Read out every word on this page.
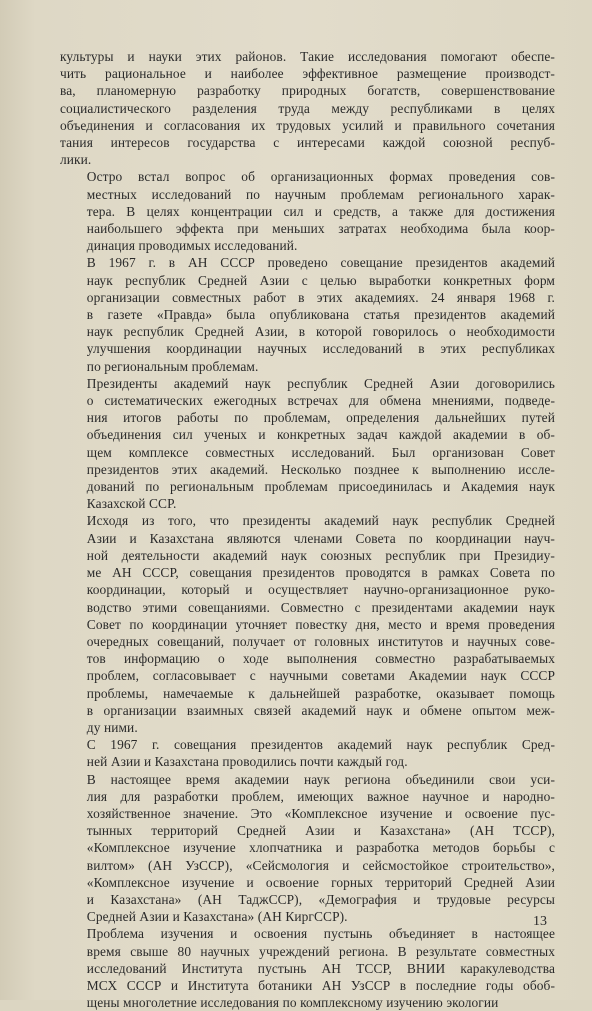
культуры и науки этих районов. Такие исследования помогают обеспе-
чить рациональное и наиболее эффективное размещение производст-
ва, планомерную разработку природных богатств, совершенствование
социалистического разделения труда между республиками в целях
объединения и согласования их трудовых усилий и правильного сочетания
тания интересов государства с интересами каждой союзной респуб-
лики.
Остро встал вопрос об организационных формах проведения сов-
местных исследований по научным проблемам регионального харак-
тера. В целях концентрации сил и средств, а также для достижения
наибольшего эффекта при меньших затратах необходима была коор-
динация проводимых исследований.
В 1967 г. в АН СССР проведено совещание президентов академий
наук республик Средней Азии с целью выработки конкретных форм
организации совместных работ в этих академиях. 24 января 1968 г.
в газете «Правда» была опубликована статья президентов академий
наук республик Средней Азии, в которой говорилось о необходимости
улучшения координации научных исследований в этих республиках
по региональным проблемам.
Президенты академий наук республик Средней Азии договорились
о систематических ежегодных встречах для обмена мнениями, подведе-
ния итогов работы по проблемам, определения дальнейших путей
объединения сил ученых и конкретных задач каждой академии в об-
щем комплексе совместных исследований. Был организован Совет
президентов этих академий. Несколько позднее к выполнению иссле-
дований по региональным проблемам присоединилась и Академия наук
Казахской ССР.
Исходя из того, что президенты академий наук республик Средней
Азии и Казахстана являются членами Совета по координации науч-
ной деятельности академий наук союзных республик при Президиу-
ме АН СССР, совещания президентов проводятся в рамках Совета по
координации, который и осуществляет научно-организационное руко-
водство этими совещаниями. Совместно с президентами академии наук
Совет по координации уточняет повестку дня, место и время проведения
очередных совещаний, получает от головных институтов и научных сове-
тов информацию о ходе выполнения совместно разрабатываемых
проблем, согласовывает с научными советами Академии наук СССР
проблемы, намечаемые к дальнейшей разработке, оказывает помощь
в организации взаимных связей академий наук и обмене опытом меж-
ду ними.
С 1967 г. совещания президентов академий наук республик Сред-
ней Азии и Казахстана проводились почти каждый год.
В настоящее время академии наук региона объединили свои уси-
лия для разработки проблем, имеющих важное научное и народно-
хозяйственное значение. Это «Комплексное изучение и освоение пус-
тынных территорий Средней Азии и Казахстана» (АН ТССР),
«Комплексное изучение хлопчатника и разработка методов борьбы с
вилтом» (АН УзССР), «Сейсмология и сейсмостойкое строительство»,
«Комплексное изучение и освоение горных территорий Средней Азии
и Казахстана» (АН ТаджССР), «Демография и трудовые ресурсы
Средней Азии и Казахстана» (АН КиргССР).
Проблема изучения и освоения пустынь объединяет в настоящее
время свыше 80 научных учреждений региона. В результате совместных
исследований Института пустынь АН ТССР, ВНИИ каракулеводства
МСХ СССР и Института ботаники АН УзССР в последние годы обоб-
щены многолетние исследования по комплексному изучению экологии
13
